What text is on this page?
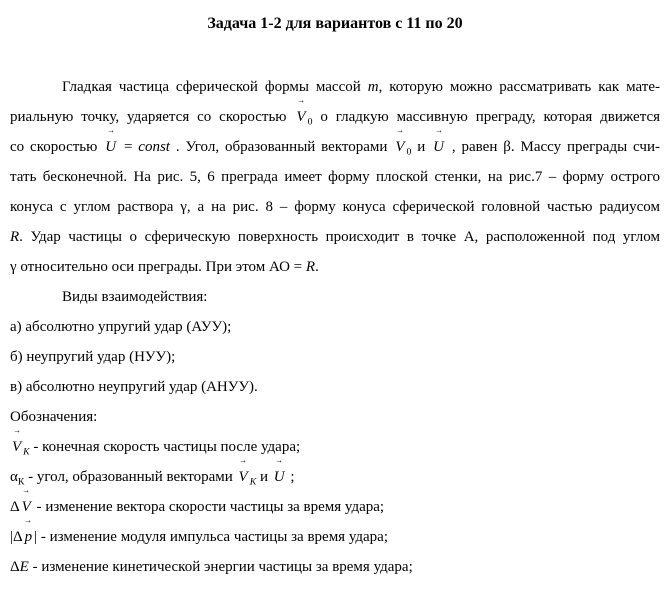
Задача 1-2 для вариантов с 11 по 20
Гладкая частица сферической формы массой m, которую можно рассматривать как мате-
риальную точку, ударяется со скоростью → V $_0$ о гладкую массивную преграду, которая движется
со скоростью → U = const . Угол, образованный векторами → V $_0$ и → U , равен β. Массу преграды счи-
тать бесконечной. На рис. 5, 6 преграда имеет форму плоской стенки, на рис.7 – форму острого
конуса с углом раствора γ, а на рис. 8 – форму конуса сферической головной частью радиусом
R. Удар частицы о сферическую поверхность происходит в точке А, расположенной под углом
γ относительно оси преграды. При этом АО = R.
Виды взаимодействия:
а) абсолютно упругий удар (АУУ);
б) неупругий удар (НУУ);
в) абсолютно неупругий удар (АНУУ).
Обозначения:
→ V $_К$ - конечная скорость частицы после удара;
$\alpha_К$ - угол, образованный векторами → V $_К$ и → U ;
Δ → V - изменение вектора скорости частицы за время удара;
|Δ → p | - изменение модуля импульса частицы за время удара;
ΔE - изменение кинетической энергии частицы за время удара;
